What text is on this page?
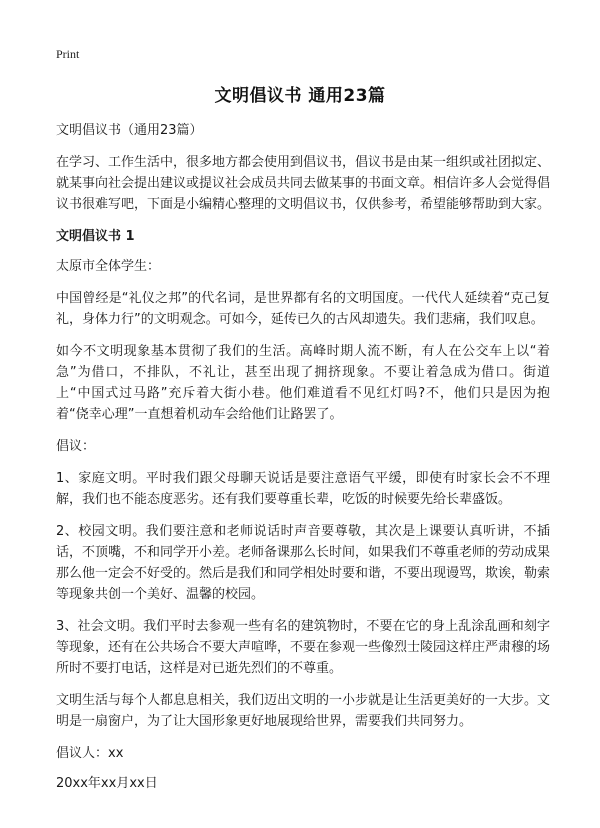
Print
文明倡议书 通用23篇

文明倡议书（通用23篇）

在学习、工作生活中，很多地方都会使用到倡议书，倡议书是由某一组织或社团拟定、就某事向社会提出建议或提议社会成员共同去做某事的书面文章。相信许多人会觉得倡议书很难写吧，下面是小编精心整理的文明倡议书，仅供参考，希望能够帮助到大家。

文明倡议书 1

太原市全体学生：

中国曾经是“礼仪之邦”的代名词，是世界都有名的文明国度。一代代人延续着“克己复礼，身体力行”的文明观念。可如今，延传已久的古风却遗失。我们悲痛，我们叹息。

如今不文明现象基本贯彻了我们的生活。高峰时期人流不断，有人在公交车上以“着急”为借口，不排队，不礼让，甚至出现了拥挤现象。不要让着急成为借口。街道上“中国式过马路”充斥着大街小巷。他们难道看不见红灯吗?不，他们只是因为抱着“侥幸心理”一直想着机动车会给他们让路罢了。

倡议：

1、家庭文明。平时我们跟父母聊天说话是要注意语气平缓，即使有时家长会不不理解，我们也不能态度恶劣。还有我们要尊重长辈，吃饭的时候要先给长辈盛饭。

2、校园文明。我们要注意和老师说话时声音要尊敬，其次是上课要认真听讲，不插话，不顶嘴，不和同学开小差。老师备课那么长时间，如果我们不尊重老师的劳动成果那么他一定会不好受的。然后是我们和同学相处时要和谐，不要出现谩骂，欺诶，勒索等现象共创一个美好、温馨的校园。

3、社会文明。我们平时去参观一些有名的建筑物时，不要在它的身上乱涂乱画和刻字等现象，还有在公共场合不要大声喧哗，不要在参观一些像烈士陵园这样庄严肃穆的场所时不要打电话，这样是对已逝先烈们的不尊重。

文明生活与每个人都息息相关，我们迈出文明的一小步就是让生活更美好的一大步。文明是一扇窗户，为了让大国形象更好地展现给世界，需要我们共同努力。

倡议人：xx

20xx年xx月xx日
